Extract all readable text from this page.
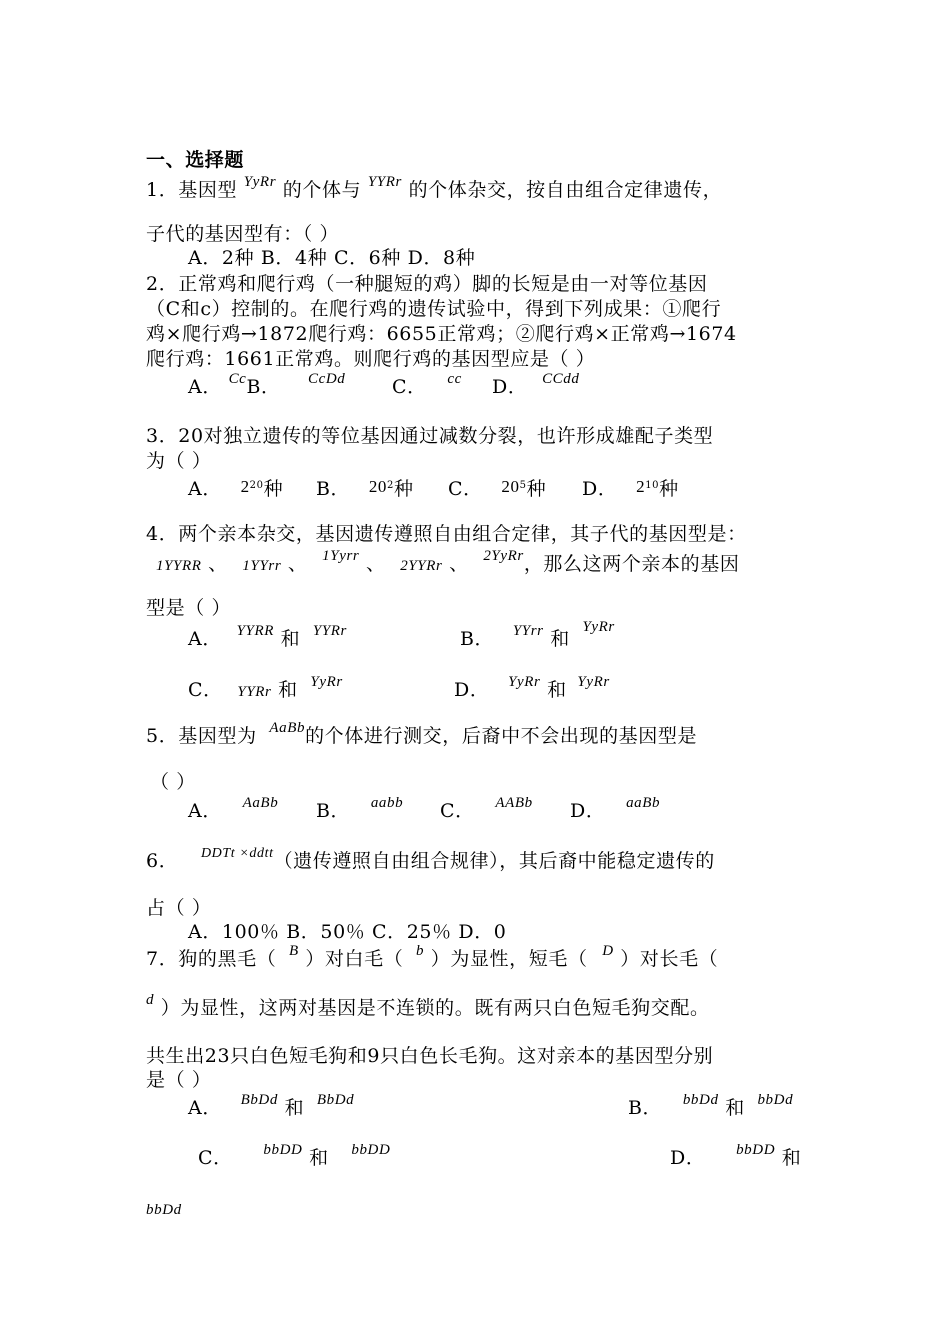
一、选择题
1．基因型 $^{YyRr}$ 的个体与 $^{YYRr}$ 的个体杂交，按自由组合定律遗传，
子代的基因型有：（ ）
A．2种 B．4种 C．6种 D．8种
2．正常鸡和爬行鸡（一种腿短的鸡）脚的长短是由一对等位基因
（C和c）控制的。在爬行鸡的遗传试验中，得到下列成果：①爬行
鸡×爬行鸡→1872爬行鸡：6655正常鸡；②爬行鸡×正常鸡→1674
爬行鸡：1661正常鸡。则爬行鸡的基因型应是（ ）
A． $^{Cc}$B． $^{CcDd}$ C． $^{cc}$ D． $^{CCdd}$
3．20对独立遗传的等位基因通过减数分裂，也许形成雄配子类型
为（ ）
A． $2^{20}$种 B． $20^2$种 C． $20^5$种 D． $2^{10}$种
4．两个亲本杂交，基因遗传遵照自由组合定律，其子代的基因型是：
1YYRR 、 1YYrr 、 $^{1Yyrr}$ 、 2YYRr 、 $^{2YyRr}$，那么这两个亲本的基因
型是（ ）
A． $^{YYRR}$ 和 $^{YYRr}$	B． $^{YYrr}$ 和 $^{YyRr}$
C． YYRr 和 $^{YyRr}$	D． $^{YyRr}$ 和 $^{YyRr}$
5．基因型为 $^{AaBb}$的个体进行测交，后裔中不会出现的基因型是
（ ）
A． $^{AaBb}$ B． $^{aabb}$ C． $^{AABb}$ D． $^{aaBb}$
6． $^{DDTt \times ddtt}$（遗传遵照自由组合规律），其后裔中能稳定遗传的
占（ ）
A．100％ B．50％ C．25％ D．0
7．狗的黑毛（ $^B$ ）对白毛（ $^b$ ）为显性，短毛（ $^D$ ）对长毛（
$^d$ ）为显性，这两对基因是不连锁的。既有两只白色短毛狗交配。
共生出23只白色短毛狗和9只白色长毛狗。这对亲本的基因型分别
是（ ）
A． $^{BbDd}$ 和 $^{BbDd}$	B． $^{bbDd}$ 和 $^{bbDd}$
C． $^{bbDD}$ 和 $^{bbDD}$	D． $^{bbDD}$ 和
bbDd
